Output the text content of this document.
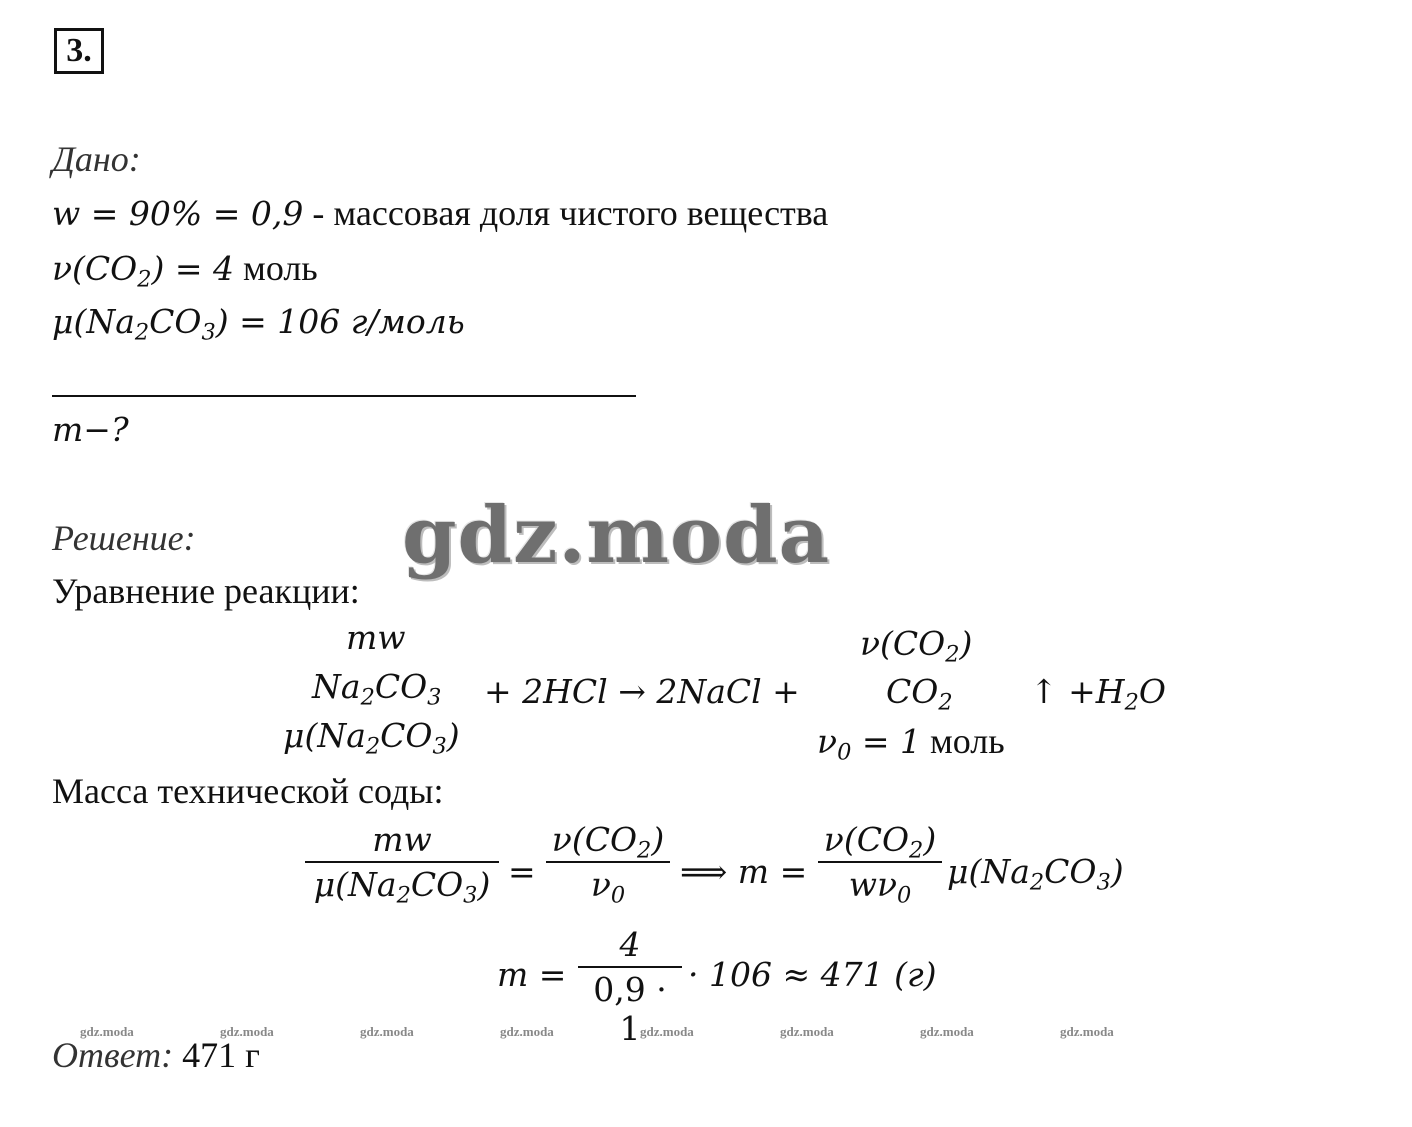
3.
Дано:
w = 90% = 0,9 - массовая доля чистого вещества
$\nu(CO_2) = 4$ моль
$\mu(Na_2CO_3) = 106$ г/моль
m−?
Решение:
Уравнение реакции:
mw
$Na_2CO_3$
$\mu(Na_2CO_3)$
+ 2HCl → 2NaCl +
$\nu(CO_2)$
$CO_2$
$\nu_0 = 1$ моль
↑ $+H_2O$
Масса технической соды:
mw
$\mu(Na_2CO_3)$ =
$\nu(CO_2)$
$\nu_0$
⟹ m =
$\nu(CO_2)$
$w\nu_0$
$\mu(Na_2CO_3)$
m =
4
0,9 · 1
· 106 ≈ 471 (г)
Ответ: 471 г
gdz.moda
gdz.moda	gdz.moda	gdz.moda	gdz.moda	gdz.moda	gdz.moda	gdz.moda	gdz.moda
